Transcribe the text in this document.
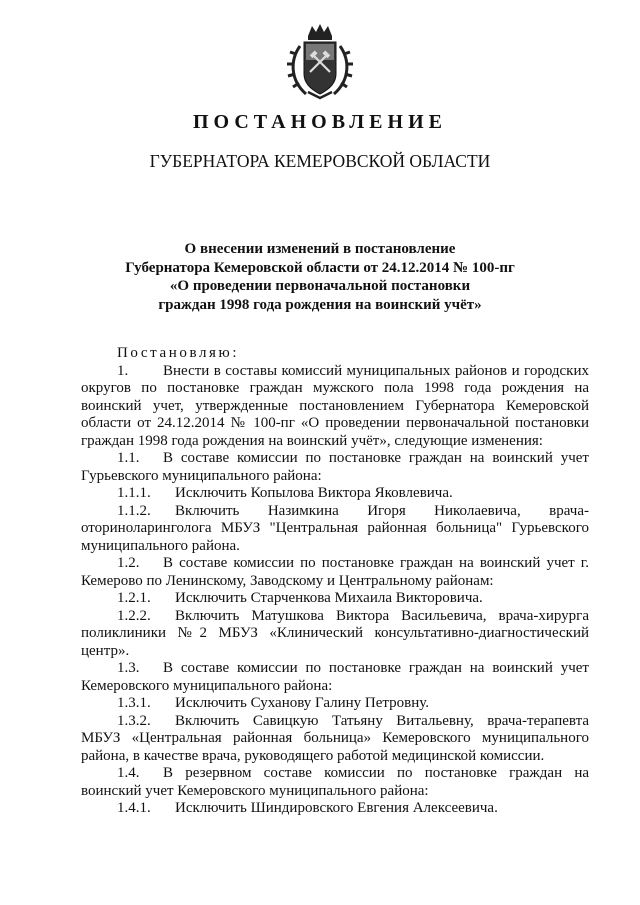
ПОСТАНОВЛЕНИЕ
ГУБЕРНАТОРА КЕМЕРОВСКОЙ ОБЛАСТИ
О внесении изменений в постановление
Губернатора Кемеровской области от 24.12.2014 № 100-пг
«О проведении первоначальной постановки
граждан 1998 года рождения на воинский учёт»
Постановляю:
1. Внести в составы комиссий муниципальных районов и городских округов по постановке граждан мужского пола 1998 года рождения на воинский учет, утвержденные постановлением Губернатора Кемеровской области от 24.12.2014 № 100-пг «О проведении первоначальной постановки граждан 1998 года рождения на воинский учёт», следующие изменения:
1.1. В составе комиссии по постановке граждан на воинский учет Гурьевского муниципального района:
1.1.1. Исключить Копылова Виктора Яковлевича.
1.1.2. Включить Назимкина Игоря Николаевича, врача-оториноларинголога МБУЗ "Центральная районная больница" Гурьевского муниципального района.
1.2. В составе комиссии по постановке граждан на воинский учет г. Кемерово по Ленинскому, Заводскому и Центральному районам:
1.2.1. Исключить Старченкова Михаила Викторовича.
1.2.2. Включить Матушкова Виктора Васильевича, врача-хирурга поликлиники №2 МБУЗ «Клинический консультативно-диагностический центр».
1.3. В составе комиссии по постановке граждан на воинский учет Кемеровского муниципального района:
1.3.1. Исключить Суханову Галину Петровну.
1.3.2. Включить Савицкую Татьяну Витальевну, врача-терапевта МБУЗ «Центральная районная больница» Кемеровского муниципального района, в качестве врача, руководящего работой медицинской комиссии.
1.4. В резервном составе комиссии по постановке граждан на воинский учет Кемеровского муниципального района:
1.4.1. Исключить Шиндировского Евгения Алексеевича.
